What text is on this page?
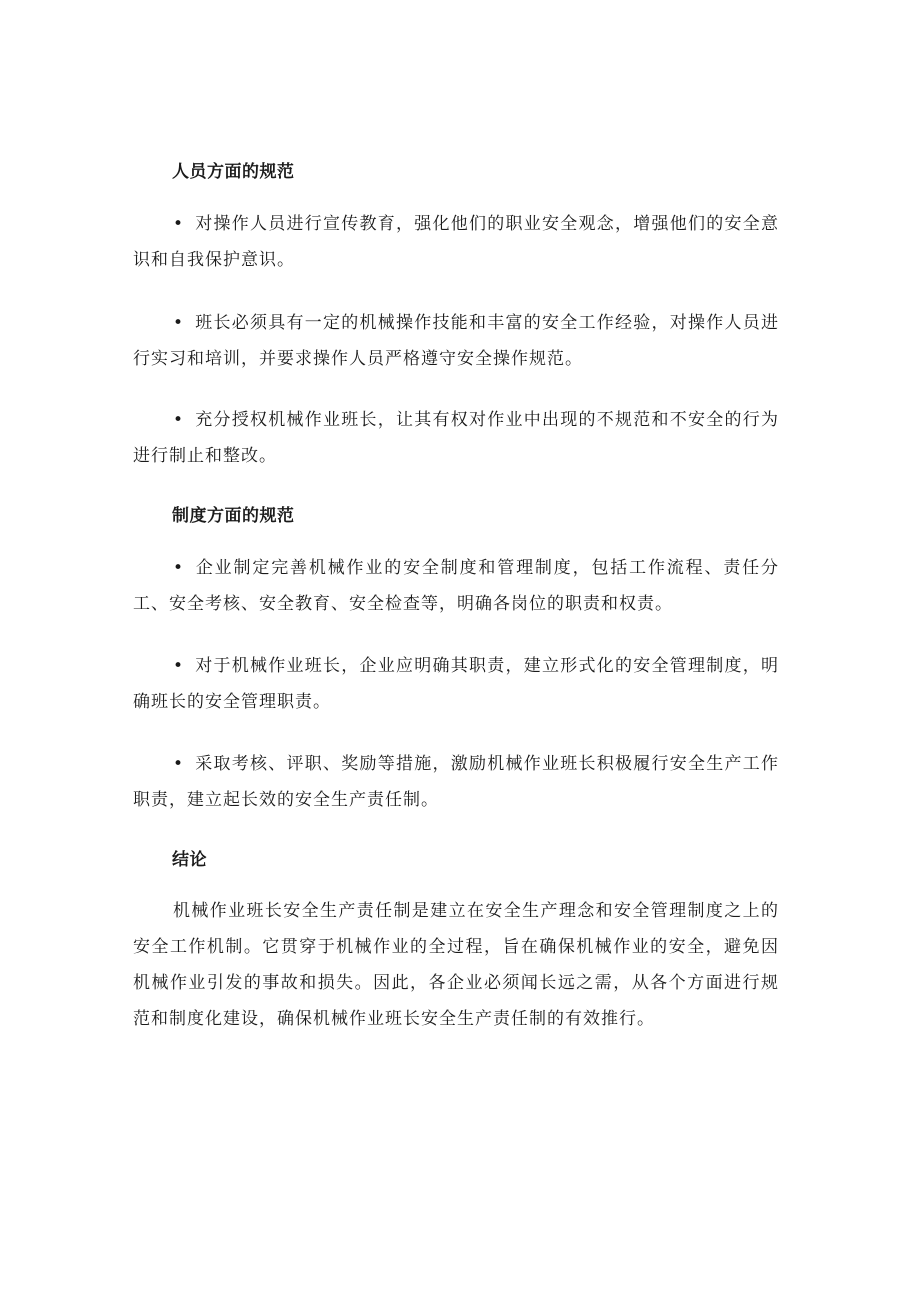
人员方面的规范

• 对操作人员进行宣传教育，强化他们的职业安全观念，增强他们的安全意识和自我保护意识。

• 班长必须具有一定的机械操作技能和丰富的安全工作经验，对操作人员进行实习和培训，并要求操作人员严格遵守安全操作规范。

• 充分授权机械作业班长，让其有权对作业中出现的不规范和不安全的行为进行制止和整改。

制度方面的规范

• 企业制定完善机械作业的安全制度和管理制度，包括工作流程、责任分工、安全考核、安全教育、安全检查等，明确各岗位的职责和权责。

• 对于机械作业班长，企业应明确其职责，建立形式化的安全管理制度，明确班长的安全管理职责。

• 采取考核、评职、奖励等措施，激励机械作业班长积极履行安全生产工作职责，建立起长效的安全生产责任制。

结论

机械作业班长安全生产责任制是建立在安全生产理念和安全管理制度之上的安全工作机制。它贯穿于机械作业的全过程，旨在确保机械作业的安全，避免因机械作业引发的事故和损失。因此，各企业必须闻长远之需，从各个方面进行规范和制度化建设，确保机械作业班长安全生产责任制的有效推行。
